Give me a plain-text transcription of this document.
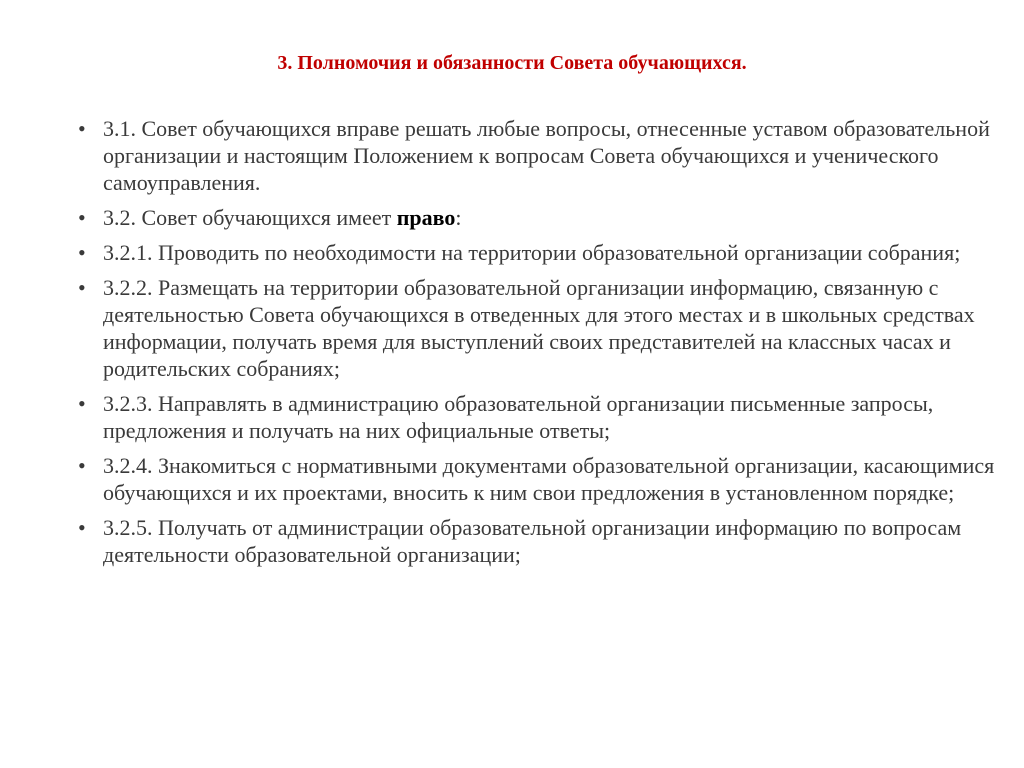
3. Полномочия и обязанности Совета обучающихся.
• 3.1. Совет обучающихся вправе решать любые вопросы, отнесенные уставом образовательной организации и настоящим Положением к вопросам Совета обучающихся и ученического самоуправления.
• 3.2. Совет обучающихся имеет право:
• 3.2.1. Проводить по необходимости на территории образовательной организации собрания;
• 3.2.2. Размещать на территории образовательной организации информацию, связанную с деятельностью Совета обучающихся в отведенных для этого местах и в школьных средствах информации, получать время для выступлений своих представителей на классных часах и родительских собраниях;
• 3.2.3. Направлять в администрацию образовательной организации письменные запросы, предложения и получать на них официальные ответы;
• 3.2.4. Знакомиться с нормативными документами образовательной организации, касающимися обучающихся и их проектами, вносить к ним свои предложения в установленном порядке;
• 3.2.5. Получать от администрации образовательной организации информацию по вопросам деятельности образовательной организации;
